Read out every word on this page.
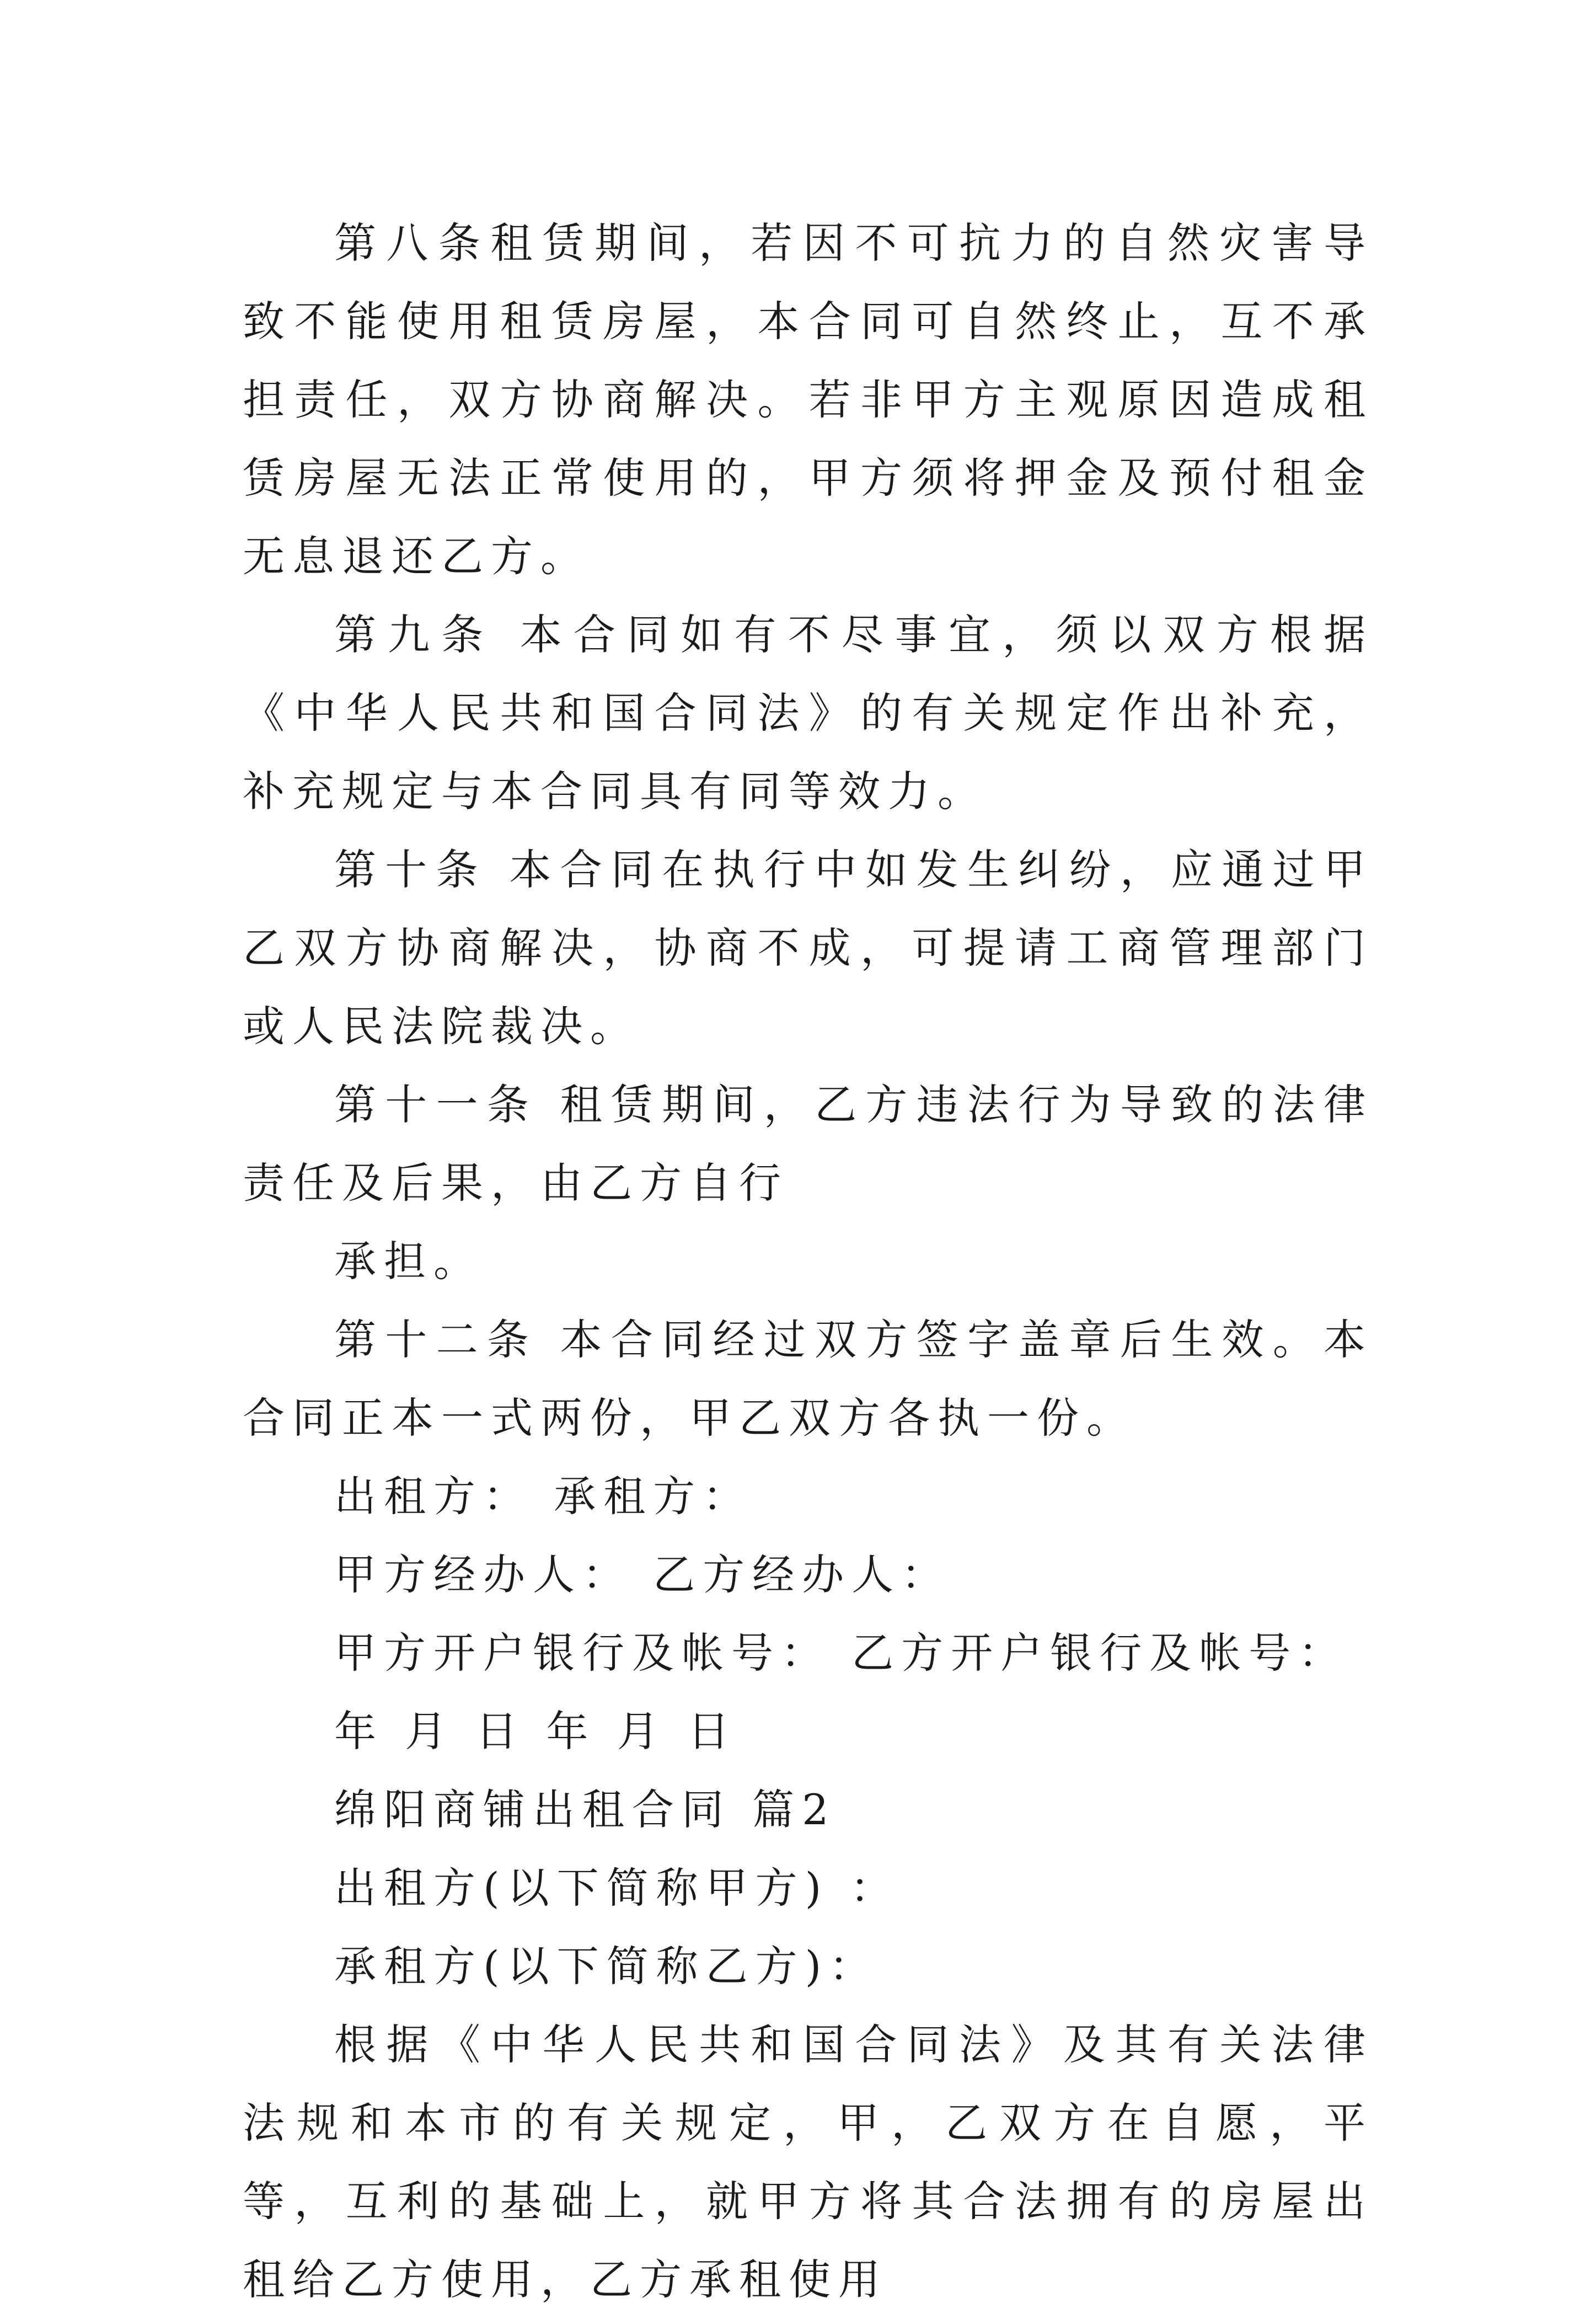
第八条租赁期间，若因不可抗力的自然灾害导致不能使用租赁房屋，本合同可自然终止，互不承担责任，双方协商解决。若非甲方主观原因造成租赁房屋无法正常使用的，甲方须将押金及预付租金无息退还乙方。

第九条 本合同如有不尽事宜，须以双方根据《中华人民共和国合同法》的有关规定作出补充，补充规定与本合同具有同等效力。

第十条 本合同在执行中如发生纠纷，应通过甲乙双方协商解决，协商不成，可提请工商管理部门或人民法院裁决。

第十一条 租赁期间，乙方违法行为导致的法律责任及后果，由乙方自行

承担。

第十二条 本合同经过双方签字盖章后生效。本合同正本一式两份，甲乙双方各执一份。

出租方： 承租方：

甲方经办人： 乙方经办人：

甲方开户银行及帐号： 乙方开户银行及帐号：

年 月 日 年 月 日

绵阳商铺出租合同 篇2

出租方(以下简称甲方) ：

承租方(以下简称乙方)：

根据《中华人民共和国合同法》及其有关法律法规和本市的有关规定，甲，乙双方在自愿，平等，互利的基础上，就甲方将其合法拥有的房屋出租给乙方使用，乙方承租使用
